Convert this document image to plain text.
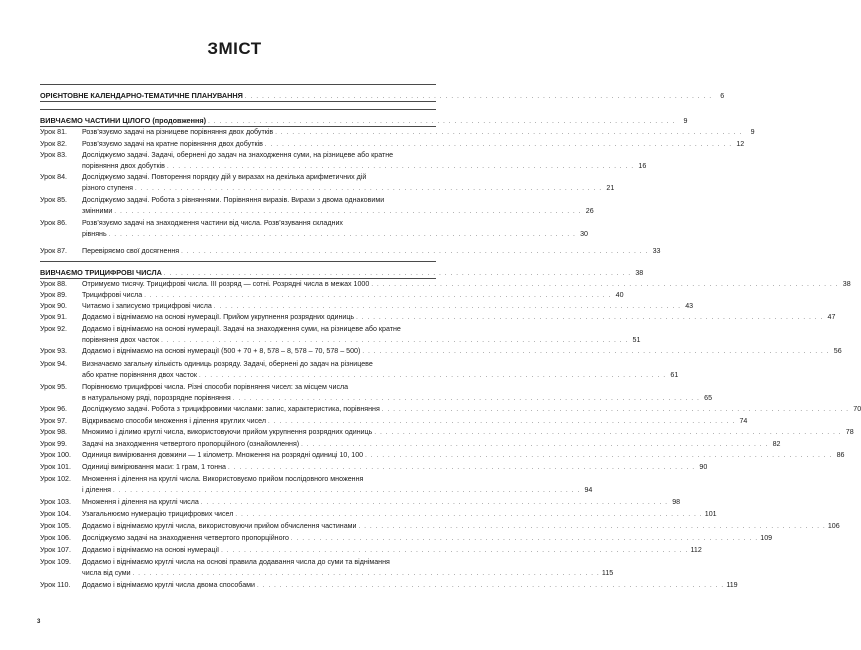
ЗМІСТ
ОРІЄНТОВНЕ КАЛЕНДАРНО-ТЕМАТИЧНЕ ПЛАНУВАННЯ . . . . . . . . . . . . . . . . . . . . . . . . . . . . . . . . . . . . . . . . . . . . . . . . . . . . . . . . . . . . . . . . . . . . . . . . . . . . . . . . . .	6
ВИВЧАЄМО ЧАСТИНИ ЦІЛОГО (продовження) . . . . . . . . . . . . . . . . . . . . . . . . . . . . . . . . . . . . . . . . . . . . . . . . . . . . . . . . . . . . . . . . . . . . . . . . . . . . . . . . . .	9
Урок 81.	Розв’язуємо задачі на різницеве порівняння двох добутків . . . . . . . . . . . . . . . . . . . . . . . . . . . . . . . . . . . . . . . . . . . . . . . . . . . . . . . . . . . . . . . . . . . . . . . . . . . . . . . . . .	9
Урок 82.	Розв’язуємо задачі на кратне порівняння двох добутків . . . . . . . . . . . . . . . . . . . . . . . . . . . . . . . . . . . . . . . . . . . . . . . . . . . . . . . . . . . . . . . . . . . . . . . . . . . . . . . . . . 12
Урок 83.	Досліджуємо задачі. Задачі, обернені до задач на знаходження суми, на різницеве або кратне
порівняння двох добутків . . . . . . . . . . . . . . . . . . . . . . . . . . . . . . . . . . . . . . . . . . . . . . . . . . . . . . . . . . . . . . . . . . . . . . . . . . . . . . . . . . 16
Урок 84.	Досліджуємо задачі. Повторення порядку дій у виразах на декілька арифметичних дій
різного ступеня . . . . . . . . . . . . . . . . . . . . . . . . . . . . . . . . . . . . . . . . . . . . . . . . . . . . . . . . . . . . . . . . . . . . . . . . . . . . . . . . . . 21
Урок 85.	Досліджуємо задачі. Робота з рівняннями. Порівняння виразів. Вирази з двома однаковими
змінними . . . . . . . . . . . . . . . . . . . . . . . . . . . . . . . . . . . . . . . . . . . . . . . . . . . . . . . . . . . . . . . . . . . . . . . . . . . . . . . . . . 26
Урок 86.	Розв’язуємо задачі на знаходження частини від числа. Розв’язування складних
рівнянь . . . . . . . . . . . . . . . . . . . . . . . . . . . . . . . . . . . . . . . . . . . . . . . . . . . . . . . . . . . . . . . . . . . . . . . . . . . . . . . . . . 30
Урок 87.	Перевіряємо свої досягнення . . . . . . . . . . . . . . . . . . . . . . . . . . . . . . . . . . . . . . . . . . . . . . . . . . . . . . . . . . . . . . . . . . . . . . . . . . . . . . . . . . 33
ВИВЧАЄМО ТРИЦИФРОВІ ЧИСЛА . . . . . . . . . . . . . . . . . . . . . . . . . . . . . . . . . . . . . . . . . . . . . . . . . . . . . . . . . . . . . . . . . . . . . . . . . . . . . . . . . . 38
Урок 88.	Отримуємо тисячу. Трицифрові числа. ІІІ розряд — сотні. Розрядні числа в межах 1000 . . . . . . . . . . . . . . . . . . . . . . . . . . . . . . . . . . . . . . . . . . . . . . . . . . . . . . . . . . . . . . . . . . . . . . . . . . . . . . . . . . 38
Урок 89.	Трицифрові числа . . . . . . . . . . . . . . . . . . . . . . . . . . . . . . . . . . . . . . . . . . . . . . . . . . . . . . . . . . . . . . . . . . . . . . . . . . . . . . . . . . 40
Урок 90.	Читаємо і записуємо трицифрові числа . . . . . . . . . . . . . . . . . . . . . . . . . . . . . . . . . . . . . . . . . . . . . . . . . . . . . . . . . . . . . . . . . . . . . . . . . . . . . . . . . . 43
Урок 91.	Додаємо і віднімаємо на основі нумерації. Прийом укрупнення розрядних одиниць . . . . . . . . . . . . . . . . . . . . . . . . . . . . . . . . . . . . . . . . . . . . . . . . . . . . . . . . . . . . . . . . . . . . . . . . . . . . . . . . . . 47
Урок 92.	Додаємо і віднімаємо на основі нумерації. Задачі на знаходження суми, на різницеве або кратне
порівняння двох часток . . . . . . . . . . . . . . . . . . . . . . . . . . . . . . . . . . . . . . . . . . . . . . . . . . . . . . . . . . . . . . . . . . . . . . . . . . . . . . . . . . 51
Урок 93.	Додаємо і віднімаємо на основі нумерації (500 + 70 + 8, 578 – 8, 578 – 70, 578 – 500) . . . . . . . . . . . . . . . . . . . . . . . . . . . . . . . . . . . . . . . . . . . . . . . . . . . . . . . . . . . . . . . . . . . . . . . . . . . . . . . . . . 56
Урок 94.	Визначаємо загальну кількість одиниць розряду. Задачі, обернені до задач на різницеве
або кратне порівняння двох часток . . . . . . . . . . . . . . . . . . . . . . . . . . . . . . . . . . . . . . . . . . . . . . . . . . . . . . . . . . . . . . . . . . . . . . . . . . . . . . . . . . 61
Урок 95.	Порівнюємо трицифрові числа. Різні способи порівняння чисел: за місцем числа
в натуральному ряді, порозрядне порівняння . . . . . . . . . . . . . . . . . . . . . . . . . . . . . . . . . . . . . . . . . . . . . . . . . . . . . . . . . . . . . . . . . . . . . . . . . . . . . . . . . . 65
Урок 96.	Досліджуємо задачі. Робота з трицифровими числами: запис, характеристика, порівняння . . . . . . . . . . . . . . . . . . . . . . . . . . . . . . . . . . . . . . . . . . . . . . . . . . . . . . . . . . . . . . . . . . . . . . . . . . . . . . . . . . 70
Урок 97.	Відкриваємо способи множення і ділення круглих чисел . . . . . . . . . . . . . . . . . . . . . . . . . . . . . . . . . . . . . . . . . . . . . . . . . . . . . . . . . . . . . . . . . . . . . . . . . . . . . . . . . . 74
Урок 98.	Множимо і ділимо круглі числа, використовуючи прийом укрупнення розрядних одиниць . . . . . . . . . . . . . . . . . . . . . . . . . . . . . . . . . . . . . . . . . . . . . . . . . . . . . . . . . . . . . . . . . . . . . . . . . . . . . . . . . . 78
Урок 99.	Задачі на знаходження четвертого пропорційного (ознайомлення) . . . . . . . . . . . . . . . . . . . . . . . . . . . . . . . . . . . . . . . . . . . . . . . . . . . . . . . . . . . . . . . . . . . . . . . . . . . . . . . . . . 82
Урок 100.	Одиниця вимірювання довжини — 1 кілометр. Множення на розрядні одиниці 10, 100 . . . . . . . . . . . . . . . . . . . . . . . . . . . . . . . . . . . . . . . . . . . . . . . . . . . . . . . . . . . . . . . . . . . . . . . . . . . . . . . . . . 86
Урок 101.	Одиниці вимірювання маси: 1 грам, 1 тонна . . . . . . . . . . . . . . . . . . . . . . . . . . . . . . . . . . . . . . . . . . . . . . . . . . . . . . . . . . . . . . . . . . . . . . . . . . . . . . . . . . 90
Урок 102.	Множення і ділення на круглі числа. Використовуємо прийом послідовного множення
і ділення . . . . . . . . . . . . . . . . . . . . . . . . . . . . . . . . . . . . . . . . . . . . . . . . . . . . . . . . . . . . . . . . . . . . . . . . . . . . . . . . . . 94
Урок 103.	Множення і ділення на круглі числа . . . . . . . . . . . . . . . . . . . . . . . . . . . . . . . . . . . . . . . . . . . . . . . . . . . . . . . . . . . . . . . . . . . . . . . . . . . . . . . . . . 98
Урок 104.	Узагальнюємо нумерацію трицифрових чисел . . . . . . . . . . . . . . . . . . . . . . . . . . . . . . . . . . . . . . . . . . . . . . . . . . . . . . . . . . . . . . . . . . . . . . . . . . . . . . . . . . 101
Урок 105.	Додаємо і віднімаємо круглі числа, використовуючи прийом обчислення частинами . . . . . . . . . . . . . . . . . . . . . . . . . . . . . . . . . . . . . . . . . . . . . . . . . . . . . . . . . . . . . . . . . . . . . . . . . . . . . . . . . . 106
Урок 106.	Досліджуємо задачі на знаходження четвертого пропорційного . . . . . . . . . . . . . . . . . . . . . . . . . . . . . . . . . . . . . . . . . . . . . . . . . . . . . . . . . . . . . . . . . . . . . . . . . . . . . . . . . . 109
Урок 107.	Додаємо і віднімаємо на основі нумерації . . . . . . . . . . . . . . . . . . . . . . . . . . . . . . . . . . . . . . . . . . . . . . . . . . . . . . . . . . . . . . . . . . . . . . . . . . . . . . . . . . 112
Урок 109.	Додаємо і віднімаємо круглі числа на основі правила додавання числа до суми та віднімання
числа від суми . . . . . . . . . . . . . . . . . . . . . . . . . . . . . . . . . . . . . . . . . . . . . . . . . . . . . . . . . . . . . . . . . . . . . . . . . . . . . . . . . . 115
Урок 110.	Додаємо і віднімаємо круглі числа двома способами . . . . . . . . . . . . . . . . . . . . . . . . . . . . . . . . . . . . . . . . . . . . . . . . . . . . . . . . . . . . . . . . . . . . . . . . . . . . . . . . . . 119
3
